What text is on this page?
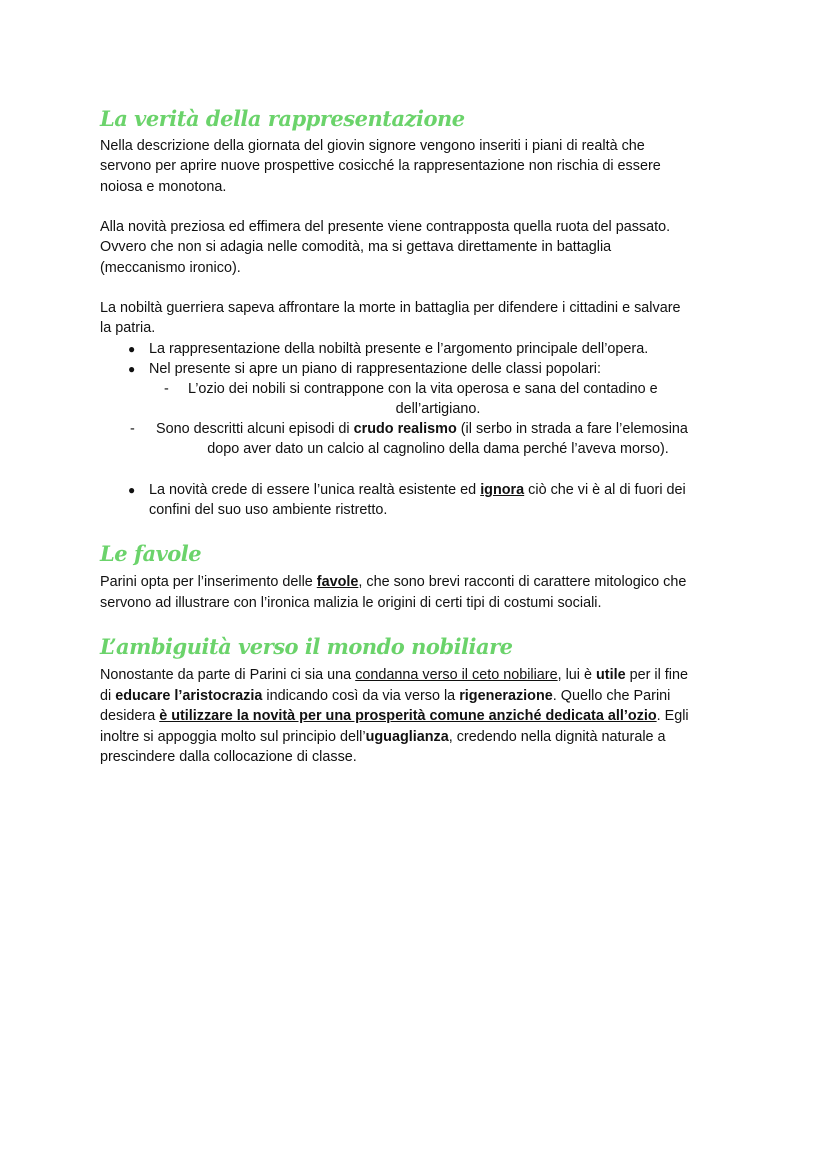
La verità della rappresentazione

Nella descrizione della giornata del giovin signore vengono inseriti i piani di realtà che

servono per aprire nuove prospettive cosicché la rappresentazione non rischia di essere

noiosa e monotona.

Alla novità preziosa ed effimera del presente viene contrapposta quella ruota del passato.

Ovvero che non si adagia nelle comodità, ma si gettava direttamente in battaglia

(meccanismo ironico).

La nobiltà guerriera sapeva affrontare la morte in battaglia per difendere i cittadini e salvare

la patria.

● La rappresentazione della nobiltà presente e l’argomento principale dell’opera.

● Nel presente si apre un piano di rappresentazione delle classi popolari:

- L’ozio dei nobili si contrappone con la vita operosa e sana del contadino e

dell’artigiano.

- Sono descritti alcuni episodi di crudo realismo (il serbo in strada a fare l’elemosina

dopo aver dato un calcio al cagnolino della dama perché l’aveva morso).

● La novità crede di essere l’unica realtà esistente ed ignora ciò che vi è al di fuori dei

confini del suo uso ambiente ristretto.

Le favole

Parini opta per l’inserimento delle favole, che sono brevi racconti di carattere mitologico che

servono ad illustrare con l’ironica malizia le origini di certi tipi di costumi sociali.

L’ambiguità verso il mondo nobiliare

Nonostante da parte di Parini ci sia una condanna verso il ceto nobiliare, lui è utile per il fine

di educare l’aristocrazia indicando così da via verso la rigenerazione. Quello che Parini

desidera è utilizzare la novità per una prosperità comune anziché dedicata all’ozio. Egli

inoltre si appoggia molto sul principio dell’uguaglianza, credendo nella dignità naturale a

prescindere dalla collocazione di classe.
